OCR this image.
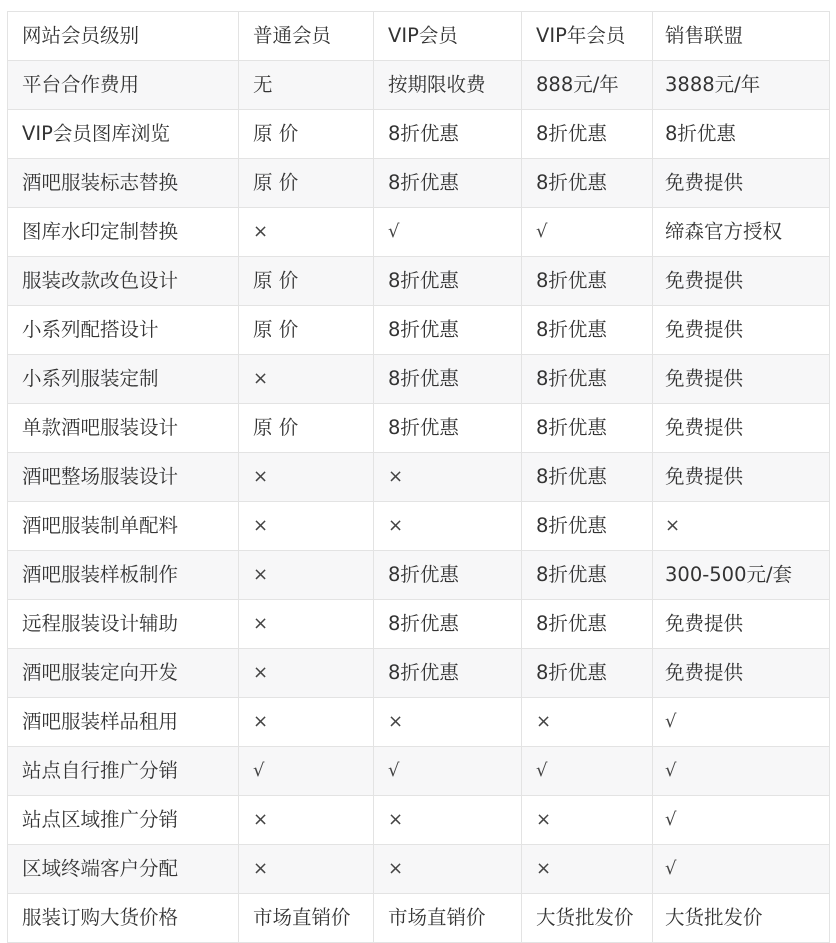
网站会员级别	普通会员	VIP会员	VIP年会员	销售联盟
平台合作费用	无	按期限收费	888元/年	3888元/年
VIP会员图库浏览	原 价	8折优惠	8折优惠	8折优惠
酒吧服装标志替换	原 价	8折优惠	8折优惠	免费提供
图库水印定制替换	×	√	√	缔森官方授权
服装改款改色设计	原 价	8折优惠	8折优惠	免费提供
小系列配搭设计	原 价	8折优惠	8折优惠	免费提供
小系列服装定制	×	8折优惠	8折优惠	免费提供
单款酒吧服装设计	原 价	8折优惠	8折优惠	免费提供
酒吧整场服装设计	×	×	8折优惠	免费提供
酒吧服装制单配料	×	×	8折优惠	×
酒吧服装样板制作	×	8折优惠	8折优惠	300-500元/套
远程服装设计辅助	×	8折优惠	8折优惠	免费提供
酒吧服装定向开发	×	8折优惠	8折优惠	免费提供
酒吧服装样品租用	×	×	×	√
站点自行推广分销	√	√	√	√
站点区域推广分销	×	×	×	√
区域终端客户分配	×	×	×	√
服装订购大货价格	市场直销价	市场直销价	大货批发价	大货批发价
